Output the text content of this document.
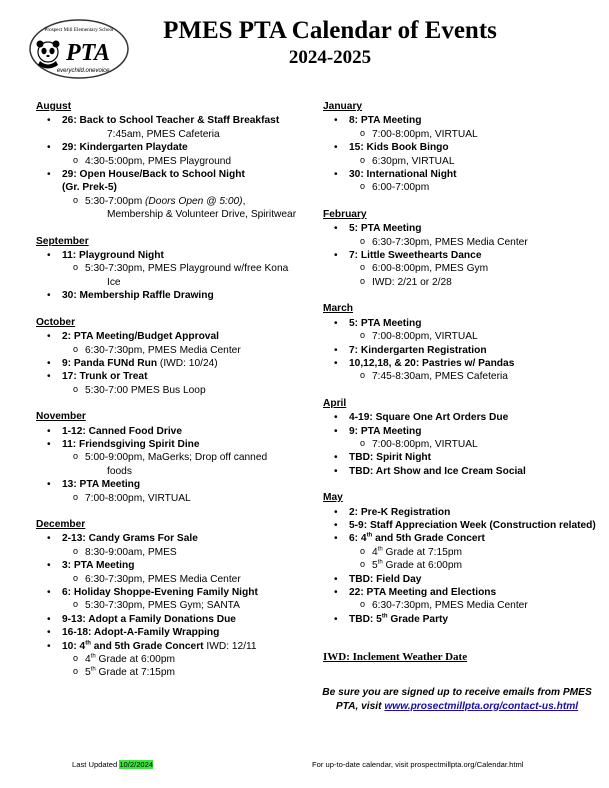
Prospect Mill Elementary School
PTA
everychild.onevoice.
PMES PTA Calendar of Events
2024-2025
August
• 26: Back to School Teacher & Staff Breakfast
7:45am, PMES Cafeteria
• 29: Kindergarten Playdate
o 4:30-5:00pm, PMES Playground
• 29: Open House/Back to School Night
(Gr. Prek-5)
o 5:30-7:00pm (Doors Open @ 5:00),
Membership & Volunteer Drive, Spiritwear
September
• 11: Playground Night
o 5:30-7:30pm, PMES Playground w/free Kona
Ice
• 30: Membership Raffle Drawing
October
• 2: PTA Meeting/Budget Approval
o 6:30-7:30pm, PMES Media Center
• 9: Panda FUNd Run (IWD: 10/24)
• 17: Trunk or Treat
o 5:30-7:00 PMES Bus Loop
November
• 1-12: Canned Food Drive
• 11: Friendsgiving Spirit Dine
o 5:00-9:00pm, MaGerks; Drop off canned
foods
• 13: PTA Meeting
o 7:00-8:00pm, VIRTUAL
December
• 2-13: Candy Grams For Sale
o 8:30-9:00am, PMES
• 3: PTA Meeting
o 6:30-7:30pm, PMES Media Center
• 6: Holiday Shoppe-Evening Family Night
o 5:30-7:30pm, PMES Gym; SANTA
• 9-13: Adopt a Family Donations Due
• 16-18: Adopt-A-Family Wrapping
• 10: 4th and 5th Grade Concert IWD: 12/11
o 4th Grade at 6:00pm
o 5th Grade at 7:15pm
January
• 8: PTA Meeting
o 7:00-8:00pm, VIRTUAL
• 15: Kids Book Bingo
o 6:30pm, VIRTUAL
• 30: International Night
o 6:00-7:00pm
February
• 5: PTA Meeting
o 6:30-7:30pm, PMES Media Center
• 7: Little Sweethearts Dance
o 6:00-8:00pm, PMES Gym
o IWD: 2/21 or 2/28
March
• 5: PTA Meeting
o 7:00-8:00pm, VIRTUAL
• 7: Kindergarten Registration
• 10,12,18, & 20: Pastries w/ Pandas
o 7:45-8:30am, PMES Cafeteria
April
• 4-19: Square One Art Orders Due
• 9: PTA Meeting
o 7:00-8:00pm, VIRTUAL
• TBD: Spirit Night
• TBD: Art Show and Ice Cream Social
May
• 2: Pre-K Registration
• 5-9: Staff Appreciation Week (Construction related)
• 6: 4th and 5th Grade Concert
o 4th Grade at 7:15pm
o 5th Grade at 6:00pm
• TBD: Field Day
• 22: PTA Meeting and Elections
o 6:30-7:30pm, PMES Media Center
• TBD: 5th Grade Party
IWD: Inclement Weather Date
Be sure you are signed up to receive emails from PMES PTA, visit www.prosectmillpta.org/contact-us.html
Last Updated 10/2/2024	For up-to-date calendar, visit prospectmillpta.org/Calendar.html
